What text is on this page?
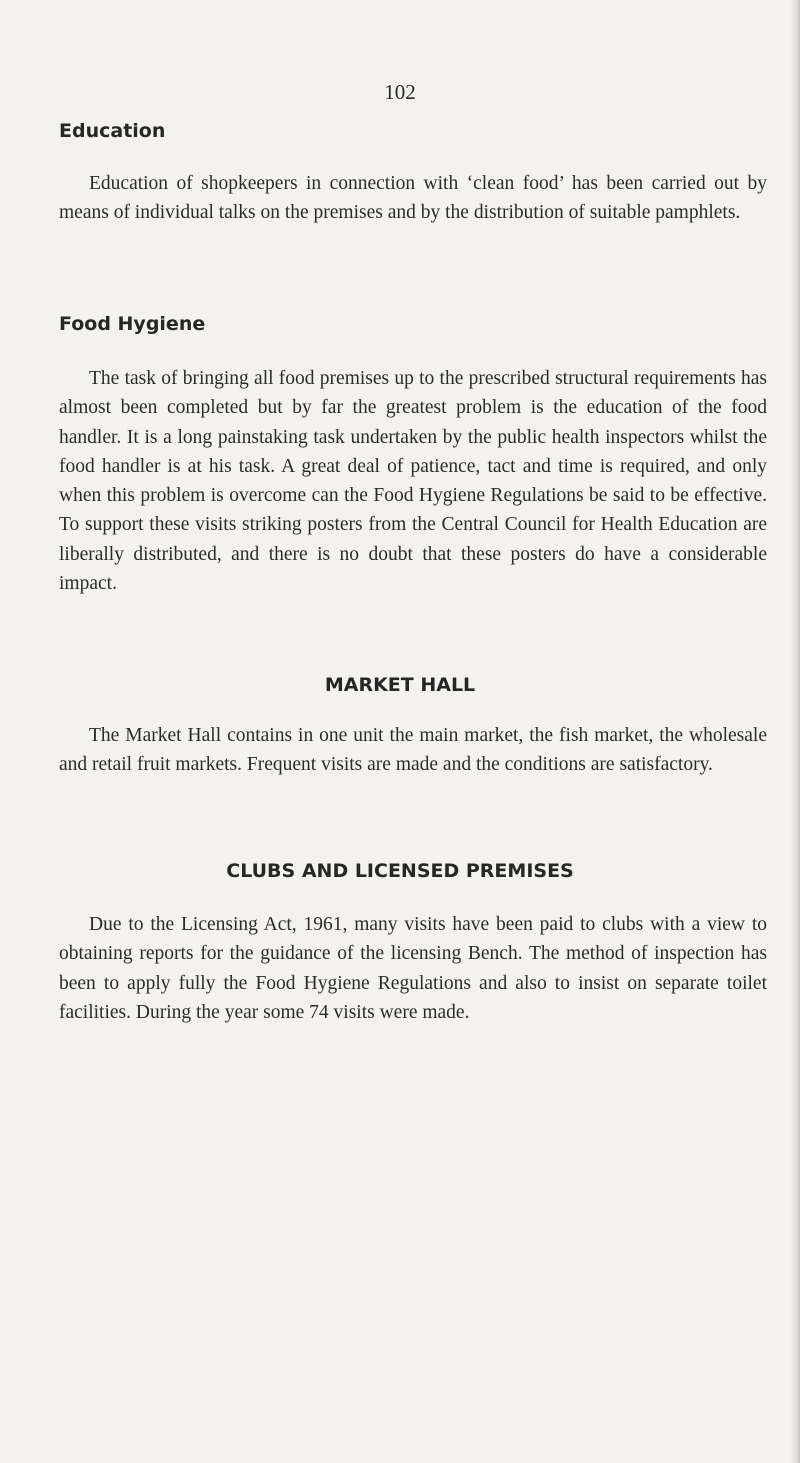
102
Education

Education of shopkeepers in connection with ‘clean food’ has been carried out by means of individual talks on the premises and by the distribution of suitable pamphlets.

Food Hygiene

The task of bringing all food premises up to the prescribed structural requirements has almost been completed but by far the greatest problem is the education of the food handler. It is a long painstaking task undertaken by the public health inspectors whilst the food handler is at his task. A great deal of patience, tact and time is required, and only when this problem is overcome can the Food Hygiene Regulations be said to be effective. To support these visits striking posters from the Central Council for Health Education are liberally distributed, and there is no doubt that these posters do have a considerable impact.

MARKET HALL

The Market Hall contains in one unit the main market, the fish market, the wholesale and retail fruit markets. Frequent visits are made and the conditions are satisfactory.

CLUBS AND LICENSED PREMISES

Due to the Licensing Act, 1961, many visits have been paid to clubs with a view to obtaining reports for the guidance of the licensing Bench. The method of inspection has been to apply fully the Food Hygiene Regulations and also to insist on separate toilet facilities. During the year some 74 visits were made.
